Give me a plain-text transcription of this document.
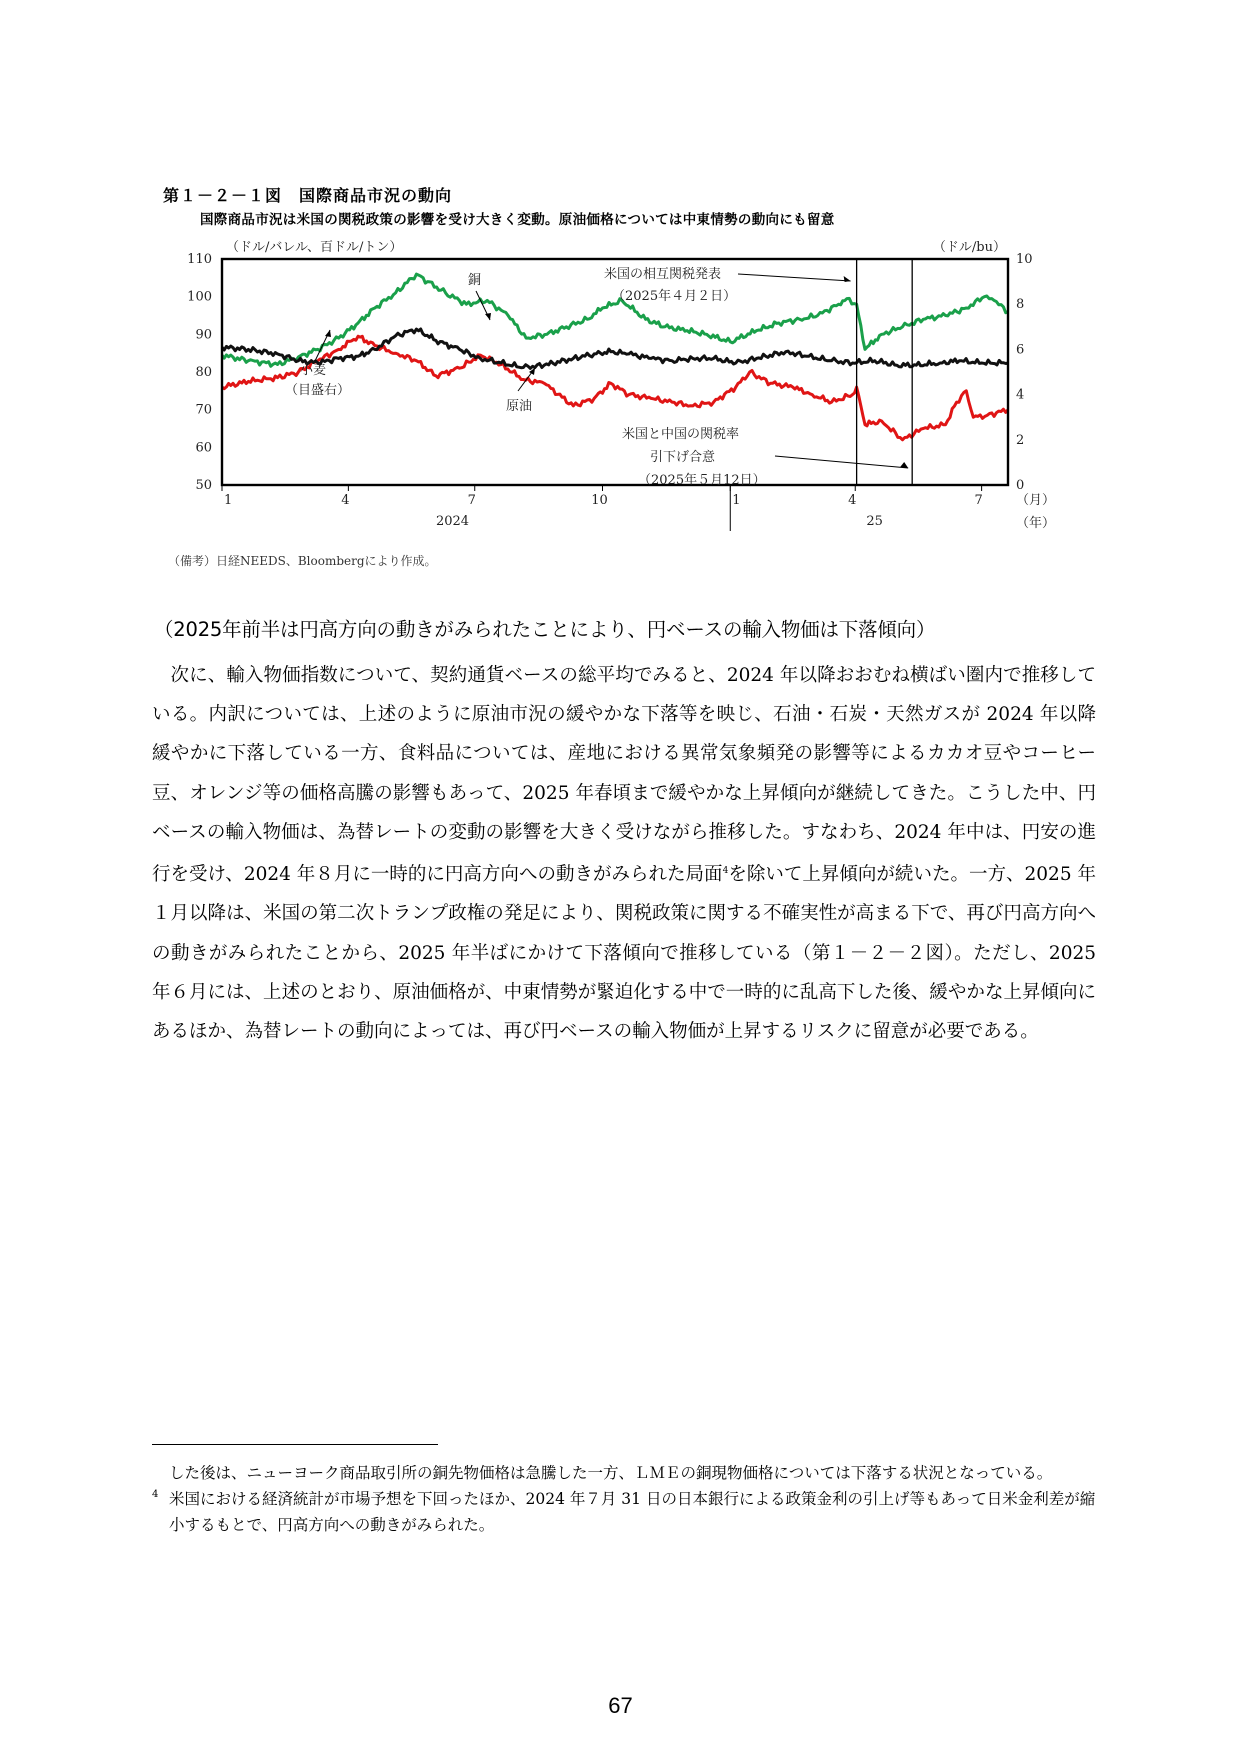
第１－２－１図　国際商品市況の動向
国際商品市況は米国の関税政策の影響を受け大きく変動。原油価格については中東情勢の動向にも留意
50
60
70
80
90
100
110
0
2
4
6
8
10
（ドル/バレル、百ドル/トン）	（ドル/bu）
1	4	7	10	1	4	7	（月）
（年）
2024	25
米国の相互関税発表
（2025年４月２日）
米国と中国の関税率
引下げ合意
（2025年５月12日）
銅
小麦
（目盛右）
原油
（備考）日経NEEDS、Bloombergにより作成。
（2025年前半は円高方向の動きがみられたことにより、円ベースの輸入物価は下落傾向）

次に、輸入物価指数について、契約通貨ベースの総平均でみると、2024 年以降おおむね横ばい圏内で推移している。内訳については、上述のように原油市況の緩やかな下落等を映じ、石油・石炭・天然ガスが 2024 年以降緩やかに下落している一方、食料品については、産地における異常気象頻発の影響等によるカカオ豆やコーヒー豆、オレンジ等の価格高騰の影響もあって、2025 年春頃まで緩やかな上昇傾向が継続してきた。こうした中、円ベースの輸入物価は、為替レートの変動の影響を大きく受けながら推移した。すなわち、2024 年中は、円安の進行を受け、2024 年８月に一時的に円高方向への動きがみられた局面$^4$を除いて上昇傾向が続いた。一方、2025 年１月以降は、米国の第二次トランプ政権の発足により、関税政策に関する不確実性が高まる下で、再び円高方向への動きがみられたことから、2025 年半ばにかけて下落傾向で推移している（第１－２－２図）。ただし、2025 年６月には、上述のとおり、原油価格が、中東情勢が緊迫化する中で一時的に乱高下した後、緩やかな上昇傾向にあるほか、為替レートの動向によっては、再び円ベースの輸入物価が上昇するリスクに留意が必要である。

した後は、ニューヨーク商品取引所の銅先物価格は急騰した一方、ＬＭＥの銅現物価格については下落する状況となっている。
4 米国における経済統計が市場予想を下回ったほか、2024 年７月 31 日の日本銀行による政策金利の引上げ等もあって日米金利差が縮小するもとで、円高方向への動きがみられた。
67
